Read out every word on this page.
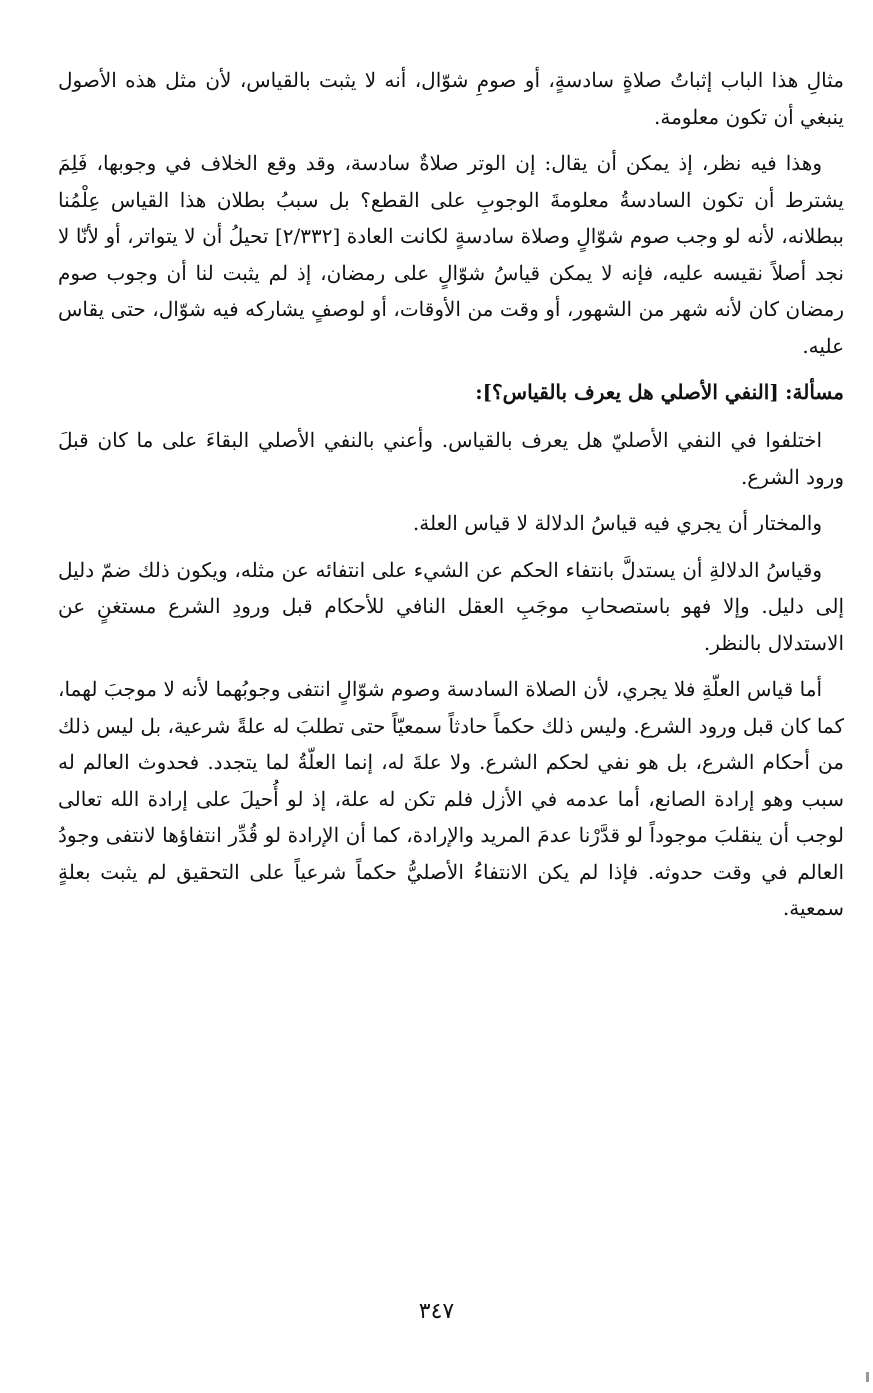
مثالِ هذا الباب إثباتُ صلاةٍ سادسةٍ، أو صومِ شوّال، أنه لا يثبت بالقياس، لأن مثل هذه الأصول ينبغي أن تكون معلومة.

وهذا فيه نظر، إذ يمكن أن يقال: إن الوتر صلاةٌ سادسة، وقد وقع الخلاف في وجوبها، فَلِمَ يشترط أن تكون السادسةُ معلومةَ الوجوبِ على القطع؟ بل سببُ بطلان هذا القياس عِلْمُنا ببطلانه، لأنه لو وجب صوم شوّالٍ وصلاة سادسةٍ لكانت العادة [٢/٣٣٢] تحيلُ أن لا يتواتر، أو لأنّا لا نجد أصلاً نقيسه عليه، فإنه لا يمكن قياسُ شوّالٍ على رمضان، إذ لم يثبت لنا أن وجوب صوم رمضان كان لأنه شهر من الشهور، أو وقت من الأوقات، أو لوصفٍ يشاركه فيه شوّال، حتى يقاس عليه.

مسألة: [النفي الأصلي هل يعرف بالقياس؟]:

اختلفوا في النفي الأصليّ هل يعرف بالقياس. وأعني بالنفي الأصلي البقاءَ على ما كان قبلَ ورود الشرع.

والمختار أن يجري فيه قياسُ الدلالة لا قياس العلة.

وقياسُ الدلالةِ أن يستدلَّ بانتفاء الحكم عن الشيء على انتفائه عن مثله، ويكون ذلك ضمّ دليل إلى دليل. وإلا فهو باستصحابِ موجَبِ العقل النافي للأحكام قبل ورودِ الشرع مستغنٍ عن الاستدلال بالنظر.

أما قياس العلّةِ فلا يجري، لأن الصلاة السادسة وصوم شوّالٍ انتفى وجوبُهما لأنه لا موجبَ لهما، كما كان قبل ورود الشرع. وليس ذلك حكماً حادثاً سمعيّاً حتى تطلبَ له علةً شرعية، بل ليس ذلك من أحكام الشرع، بل هو نفي لحكم الشرع. ولا علةَ له، إنما العلّةُ لما يتجدد. فحدوث العالم له سبب وهو إرادة الصانع، أما عدمه في الأزل فلم تكن له علة، إذ لو أُحيلَ على إرادة الله تعالى لوجب أن ينقلبَ موجوداً لو قدَّرْنا عدمَ المريد والإرادة، كما أن الإرادة لو قُدِّر انتفاؤها لانتفى وجودُ العالم في وقت حدوثه. فإذا لم يكن الانتفاءُ الأصليُّ حكماً شرعياً على التحقيق لم يثبت بعلةٍ سمعية.

٣٤٧
